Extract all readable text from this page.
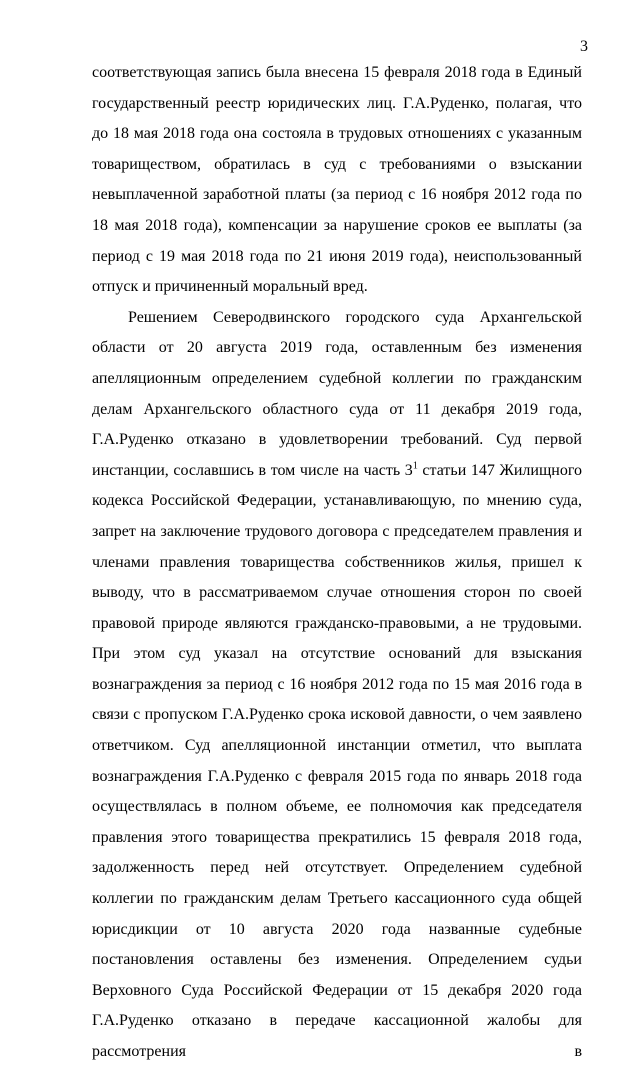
3

соответствующая запись была внесена 15 февраля 2018 года в Единый государственный реестр юридических лиц. Г.А.Руденко, полагая, что до 18 мая 2018 года она состояла в трудовых отношениях с указанным товариществом, обратилась в суд с требованиями о взыскании невыплаченной заработной платы (за период с 16 ноября 2012 года по 18 мая 2018 года), компенсации за нарушение сроков ее выплаты (за период с 19 мая 2018 года по 21 июня 2019 года), неиспользованный отпуск и причиненный моральный вред.

Решением Северодвинского городского суда Архангельской области от 20 августа 2019 года, оставленным без изменения апелляционным определением судебной коллегии по гражданским делам Архангельского областного суда от 11 декабря 2019 года, Г.А.Руденко отказано в удовлетворении требований. Суд первой инстанции, сославшись в том числе на часть $3^1$ статьи 147 Жилищного кодекса Российской Федерации, устанавливающую, по мнению суда, запрет на заключение трудового договора с председателем правления и членами правления товарищества собственников жилья, пришел к выводу, что в рассматриваемом случае отношения сторон по своей правовой природе являются гражданско-правовыми, а не трудовыми. При этом суд указал на отсутствие оснований для взыскания вознаграждения за период с 16 ноября 2012 года по 15 мая 2016 года в связи с пропуском Г.А.Руденко срока исковой давности, о чем заявлено ответчиком. Суд апелляционной инстанции отметил, что выплата вознаграждения Г.А.Руденко с февраля 2015 года по январь 2018 года осуществлялась в полном объеме, ее полномочия как председателя правления этого товарищества прекратились 15 февраля 2018 года, задолженность перед ней отсутствует. Определением судебной коллегии по гражданским делам Третьего кассационного суда общей юрисдикции от 10 августа 2020 года названные судебные постановления оставлены без изменения. Определением судьи Верховного Суда Российской Федерации от 15 декабря 2020 года Г.А.Руденко отказано в передаче кассационной жалобы для рассмотрения в
